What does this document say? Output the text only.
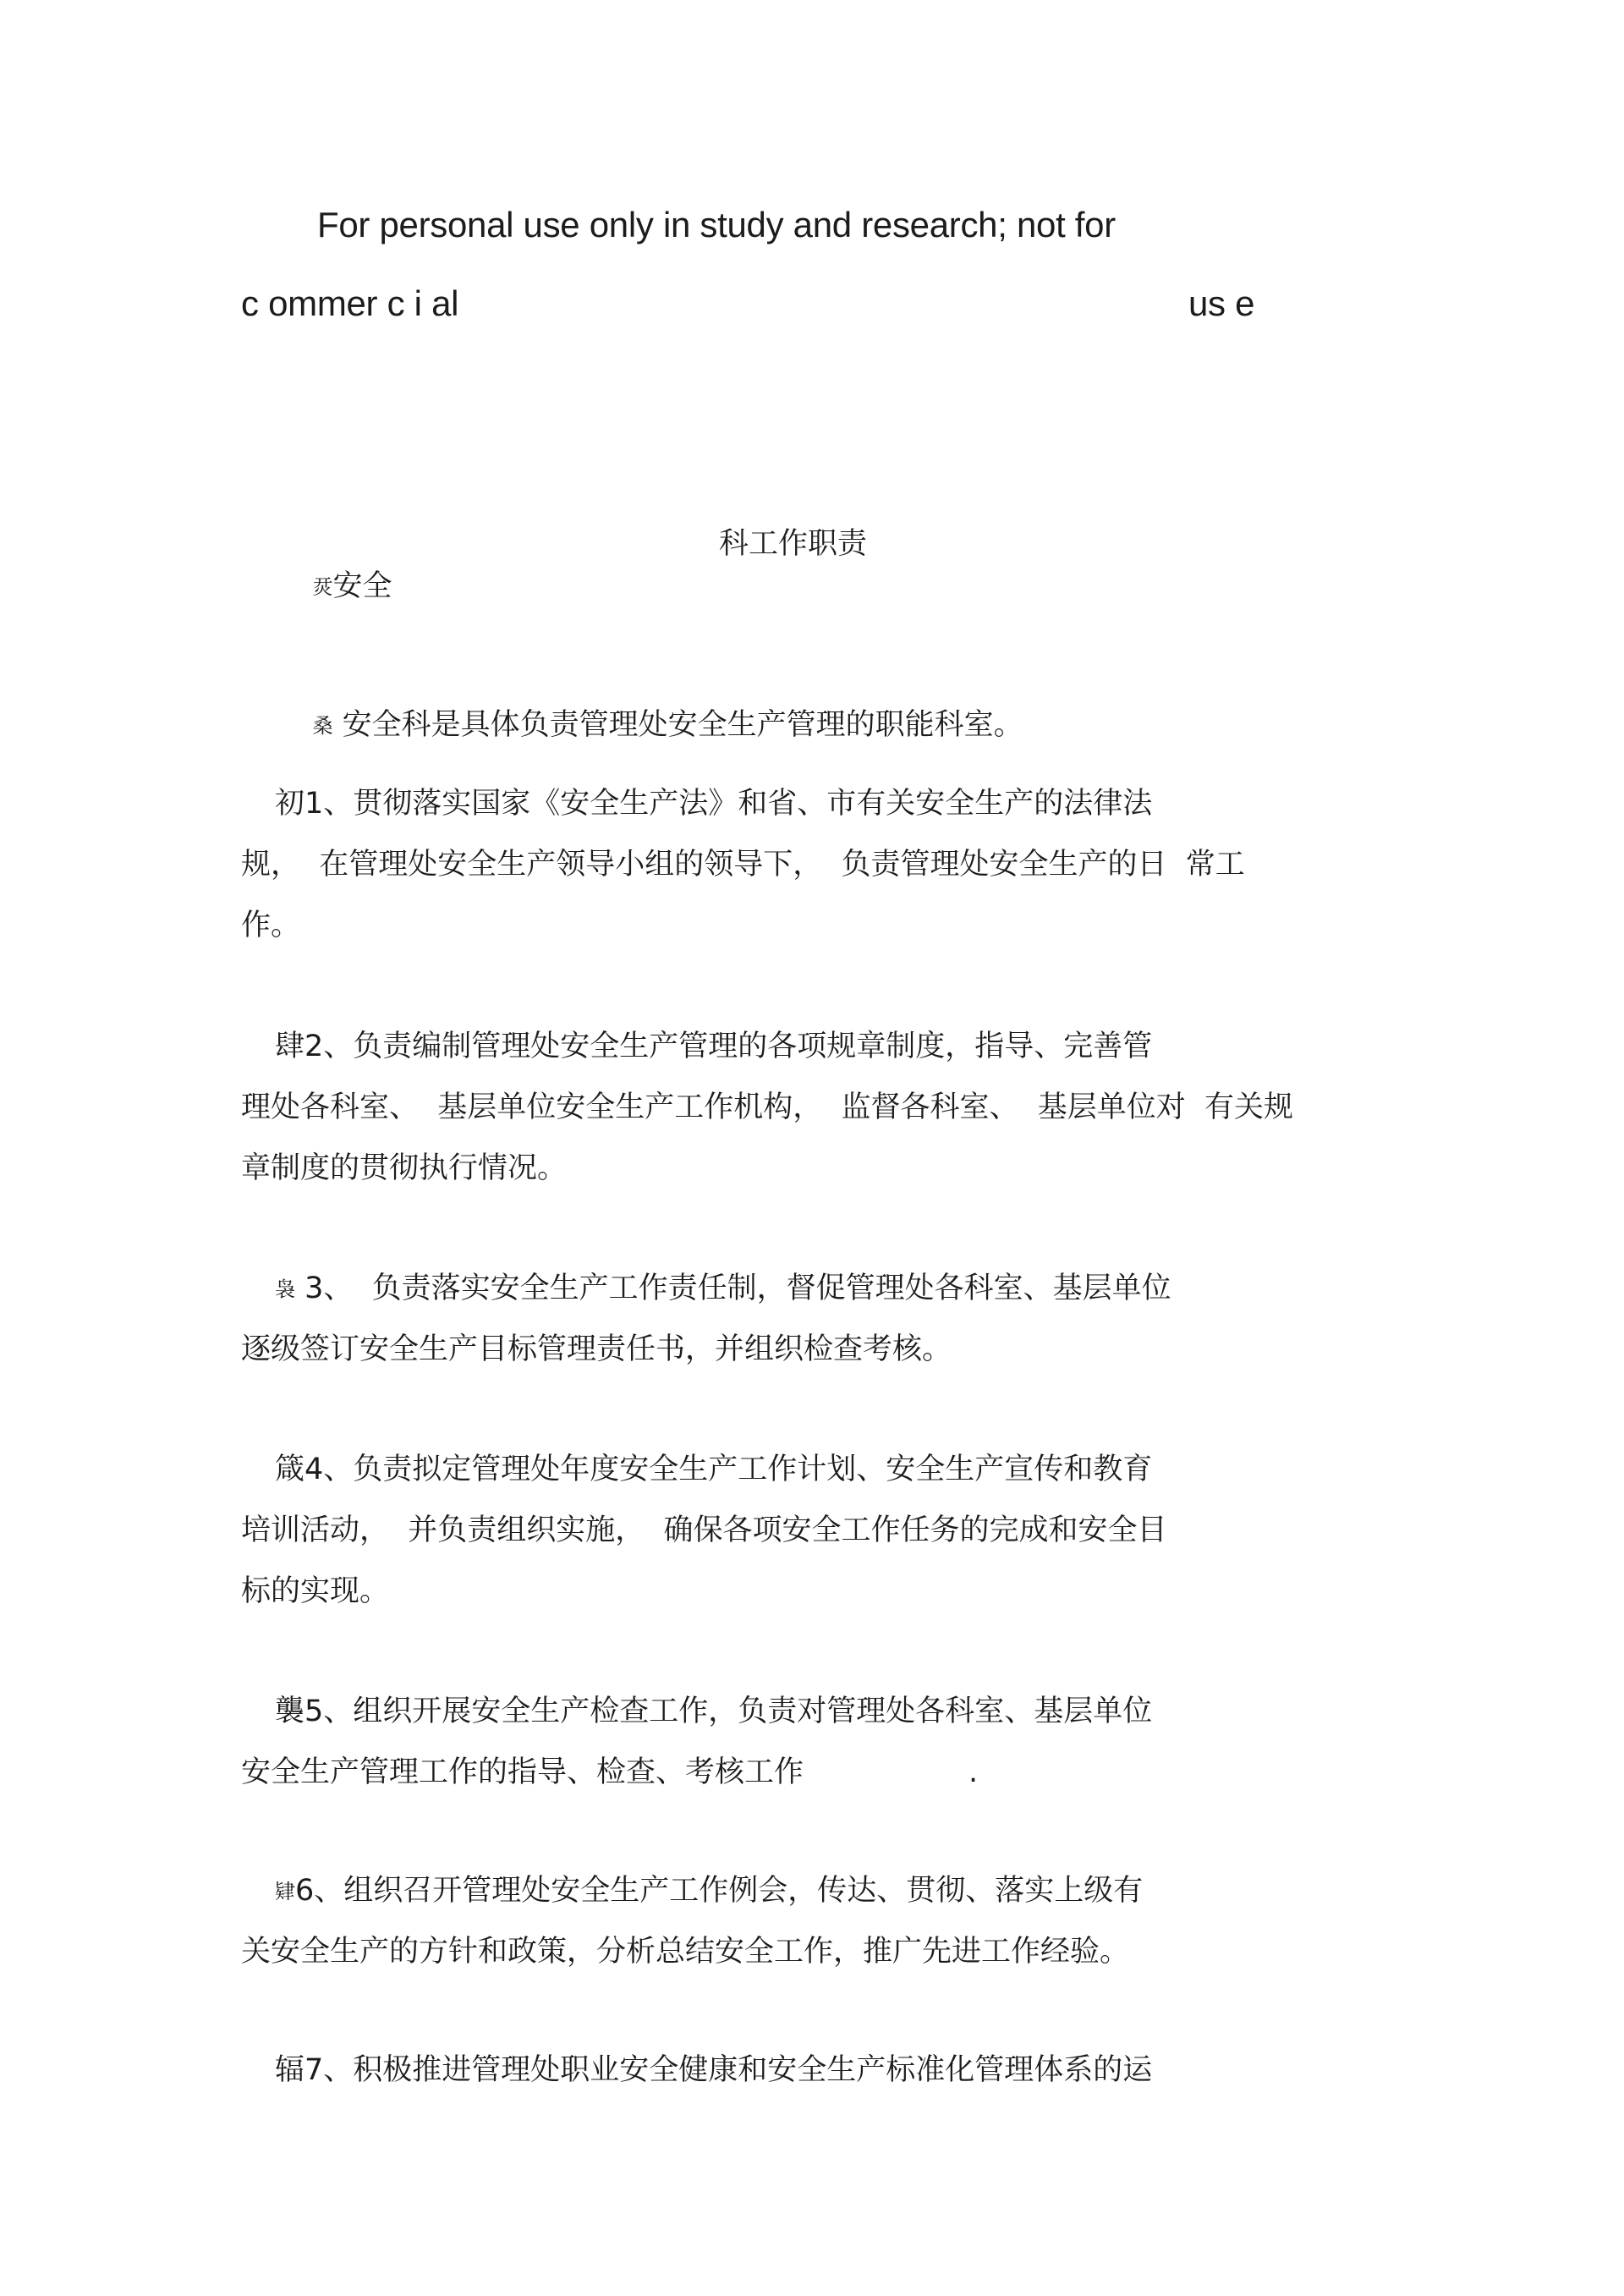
For personal use only in study and research; not for
c ommer c i al	us e

烎安全

科工作职责

桑 安全科是具体负责管理处安全生产管理的职能科室。

初1、贯彻落实国家《安全生产法》和省、市有关安全生产的法律法

规，  在管理处安全生产领导小组的领导下，  负责管理处安全生产的日  常工

作。

肆2、负责编制管理处安全生产管理的各项规章制度，指导、完善管

理处各科室、  基层单位安全生产工作机构，  监督各科室、  基层单位对  有关规

章制度的贯彻执行情况。

袅 3、  负责落实安全生产工作责任制，督促管理处各科室、基层单位

逐级签订安全生产目标管理责任书，并组织检查考核。

箴4、负责拟定管理处年度安全生产工作计划、安全生产宣传和教育

培训活动，  并负责组织实施，  确保各项安全工作任务的完成和安全目

标的实现。

襲5、组织开展安全生产检查工作，负责对管理处各科室、基层单位

安全生产管理工作的指导、检查、考核工作

	.

肄6、组织召开管理处安全生产工作例会，传达、贯彻、落实上级有

关安全生产的方针和政策，分析总结安全工作，推广先进工作经验。

辐7、积极推进管理处职业安全健康和安全生产标准化管理体系的运
